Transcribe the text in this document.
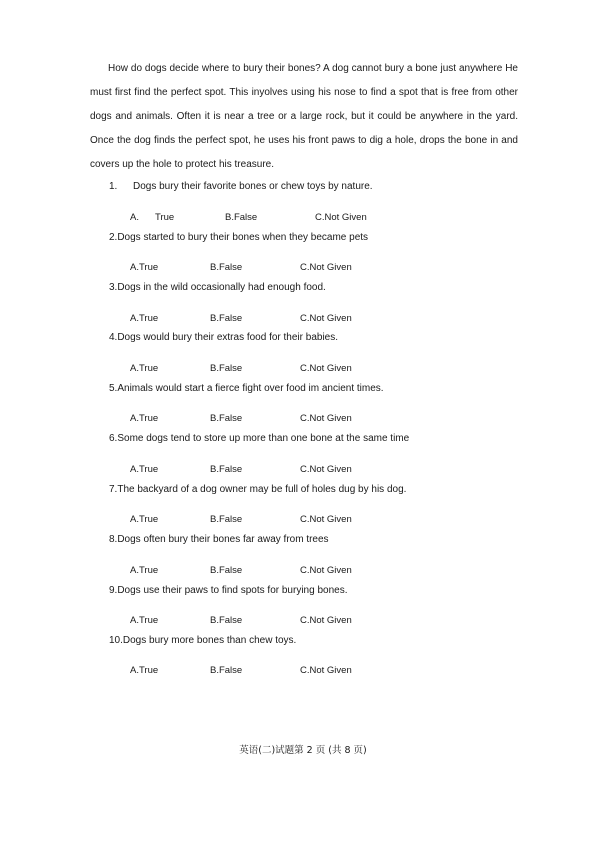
How do dogs decide where to bury their bones? A dog cannot bury a bone just anywhere He must first find the perfect spot. This inyolves using his nose to find a spot that is free from other dogs and animals. Often it is near a tree or a large rock, but it could be anywhere in the yard. Once the dog finds the perfect spot, he uses his front paws to dig a hole, drops the bone in and covers up the hole to protect his treasure.

1. Dogs bury their favorite bones or chew toys by nature.
A. True	B.False	C.Not Given
2.Dogs started to bury their bones when they became pets
A.True	B.False	C.Not Given
3.Dogs in the wild occasionally had enough food.
A.True	B.False	C.Not Given
4.Dogs would bury their extras food for their babies.
A.True	B.False	C.Not Given
5.Animals would start a fierce fight over food im ancient times.
A.True	B.False	C.Not Given
6.Some dogs tend to store up more than one bone at the same time
A.True	B.False	C.Not Given
7.The backyard of a dog owner may be full of holes dug by his dog.
A.True	B.False	C.Not Given
8.Dogs often bury their bones far away from trees
A.True	B.False	C.Not Given
9.Dogs use their paws to find spots for burying bones.
A.True	B.False	C.Not Given
10.Dogs bury more bones than chew toys.
A.True	B.False	C.Not Given
英语(二)试题第 2 页 (共 8 页)
